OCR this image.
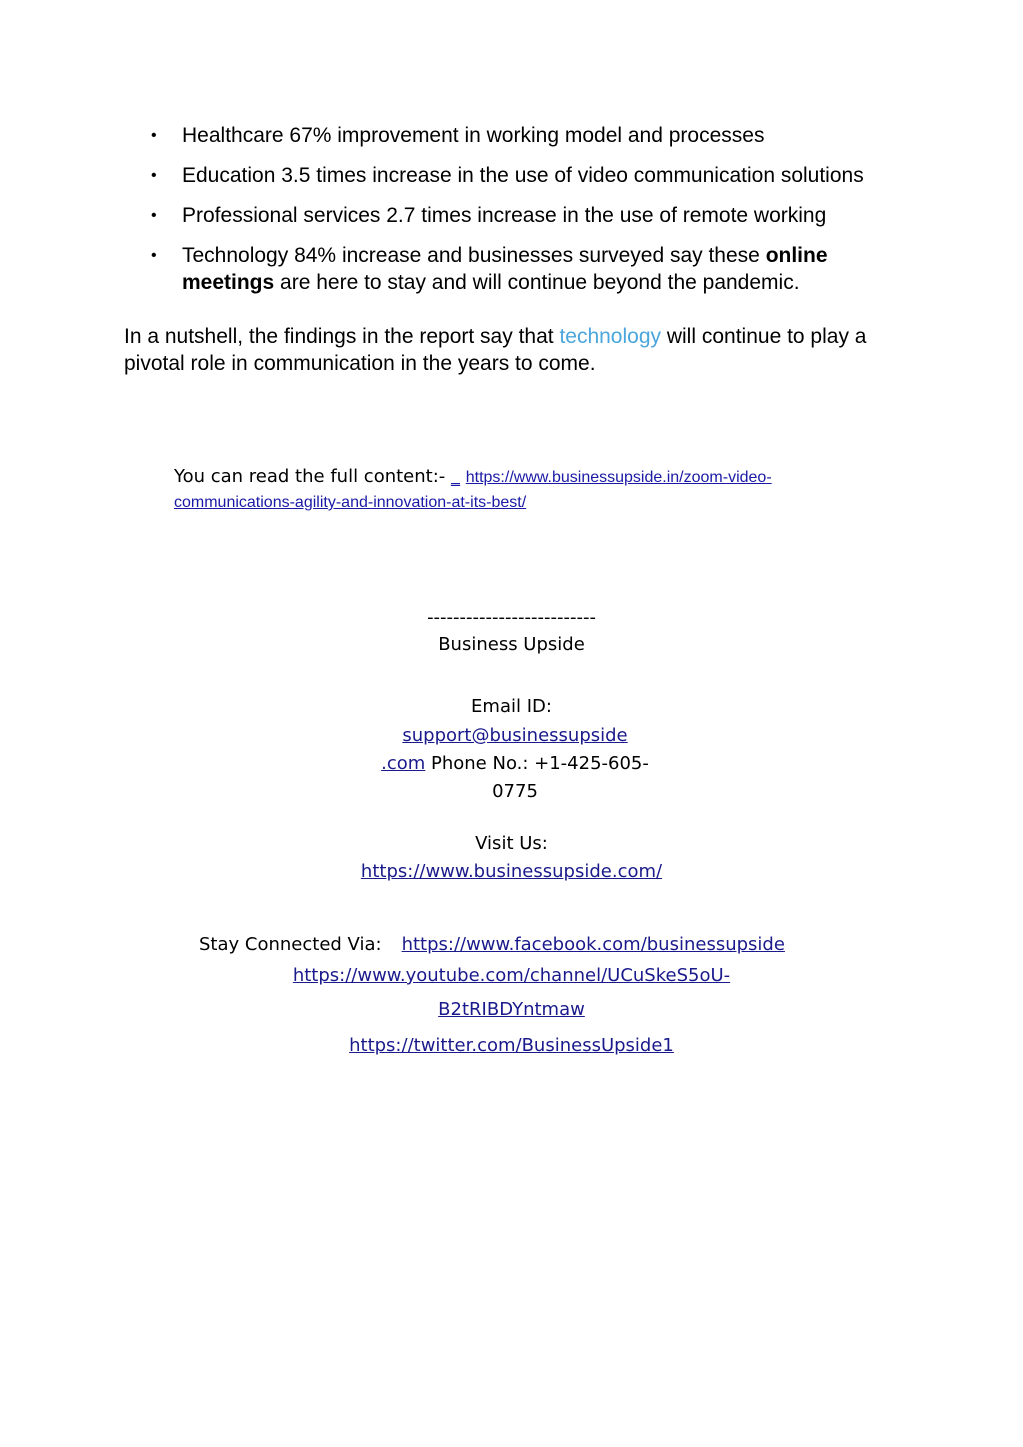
• Healthcare 67% improvement in working model and processes
• Education 3.5 times increase in the use of video communication solutions
• Professional services 2.7 times increase in the use of remote working
• Technology 84% increase and businesses surveyed say these online meetings are here to stay and will continue beyond the pandemic.

In a nutshell, the findings in the report say that technology will continue to play a pivotal role in communication in the years to come.

You can read the full content:- _ https://www.businessupside.in/zoom-video-communications-agility-and-innovation-at-its-best/

--------------------------

Business Upside

Email ID:

support@businessupside
.com Phone No.: +1-425-605-0775

Visit Us:

https://www.businessupside.com/

Stay Connected Via: https://www.facebook.com/businessupside

https://www.youtube.com/channel/UCuSkeS5oU-

B2tRIBDYntmaw

https://twitter.com/BusinessUpside1
